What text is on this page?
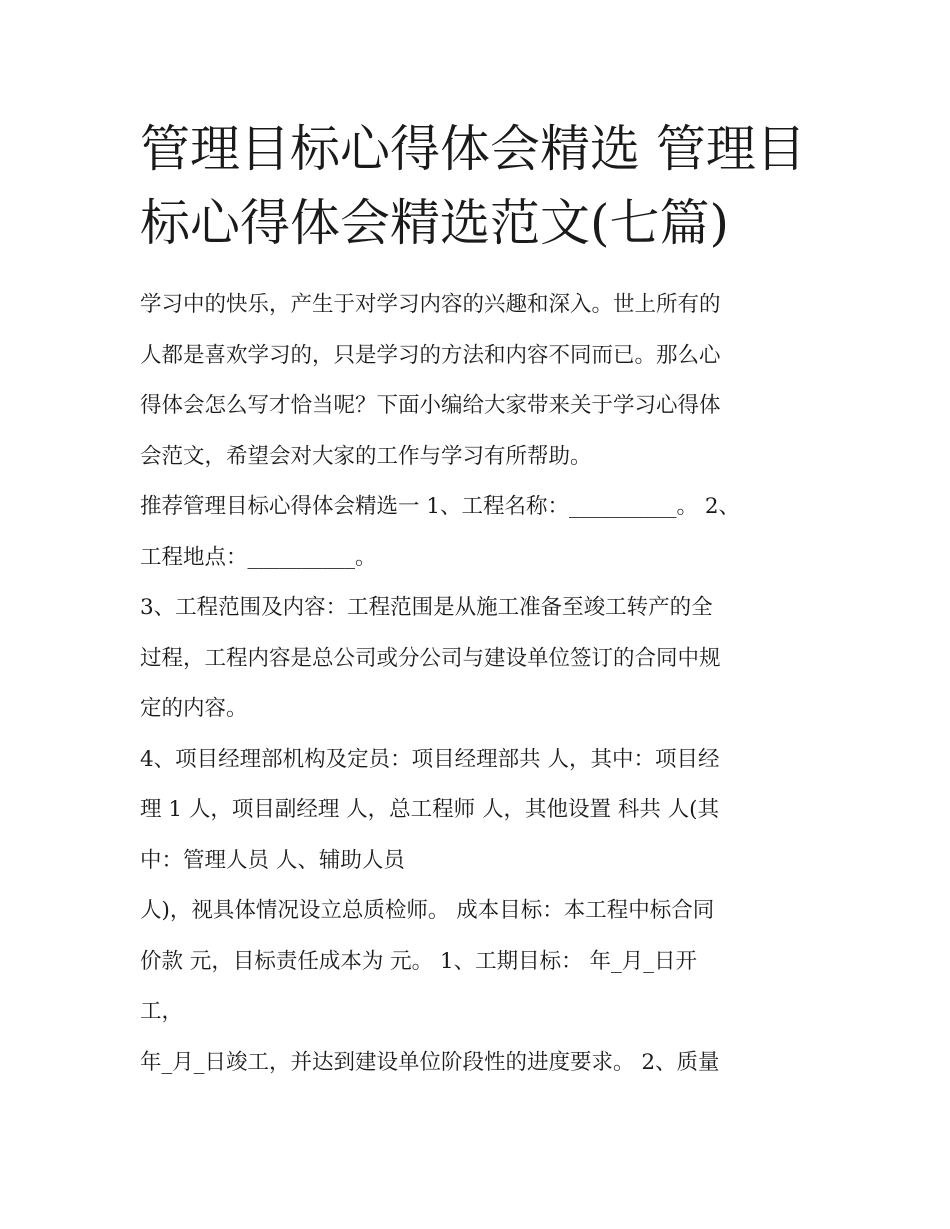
管理目标心得体会精选 管理目
标心得体会精选范文(七篇)

学习中的快乐，产生于对学习内容的兴趣和深入。世上所有的
人都是喜欢学习的，只是学习的方法和内容不同而已。那么心
得体会怎么写才恰当呢？下面小编给大家带来关于学习心得体
会范文，希望会对大家的工作与学习有所帮助。

推荐管理目标心得体会精选一 1、工程名称：__________。 2、
工程地点：__________。

3、工程范围及内容：工程范围是从施工准备至竣工转产的全
过程，工程内容是总公司或分公司与建设单位签订的合同中规
定的内容。

4、项目经理部机构及定员：项目经理部共 人，其中：项目经
理 1 人，项目副经理 人，总工程师 人，其他设置 科共 人(其
中：管理人员 人、辅助人员

人)，视具体情况设立总质检师。 成本目标：本工程中标合同
价款 元，目标责任成本为 元。 1、工期目标： 年_月_日开
工，

年_月_日竣工，并达到建设单位阶段性的进度要求。 2、质量
